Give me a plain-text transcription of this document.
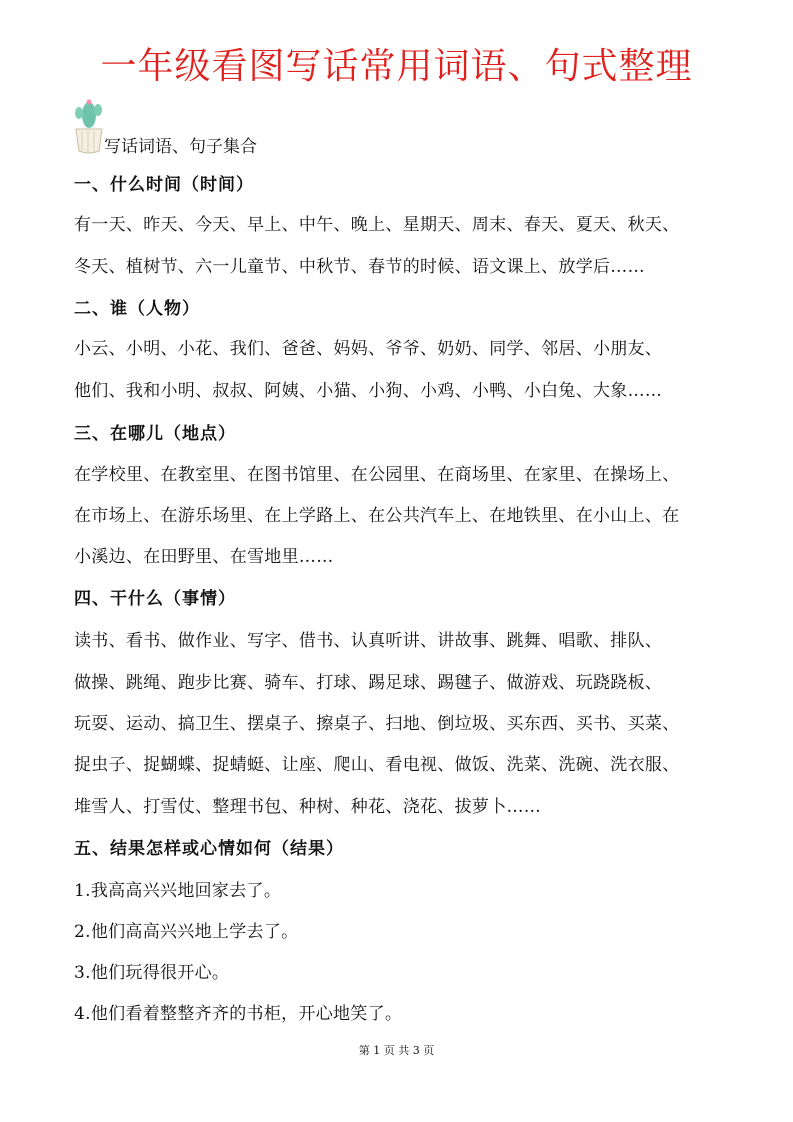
一年级看图写话常用词语、句式整理
写话词语、句子集合
一、什么时间（时间）
有一天、昨天、今天、早上、中午、晚上、星期天、周末、春天、夏天、秋天、
冬天、植树节、六一儿童节、中秋节、春节的时候、语文课上、放学后……
二、谁（人物）
小云、小明、小花、我们、爸爸、妈妈、爷爷、奶奶、同学、邻居、小朋友、
他们、我和小明、叔叔、阿姨、小猫、小狗、小鸡、小鸭、小白兔、大象……
三、在哪儿（地点）
在学校里、在教室里、在图书馆里、在公园里、在商场里、在家里、在操场上、
在市场上、在游乐场里、在上学路上、在公共汽车上、在地铁里、在小山上、在
小溪边、在田野里、在雪地里……
四、干什么（事情）
读书、看书、做作业、写字、借书、认真听讲、讲故事、跳舞、唱歌、排队、
做操、跳绳、跑步比赛、骑车、打球、踢足球、踢毽子、做游戏、玩跷跷板、
玩耍、运动、搞卫生、摆桌子、擦桌子、扫地、倒垃圾、买东西、买书、买菜、
捉虫子、捉蝴蝶、捉蜻蜓、让座、爬山、看电视、做饭、洗菜、洗碗、洗衣服、
堆雪人、打雪仗、整理书包、种树、种花、浇花、拔萝卜……
五、结果怎样或心情如何（结果）
1.我高高兴兴地回家去了。
2.他们高高兴兴地上学去了。
3.他们玩得很开心。
4.他们看着整整齐齐的书柜，开心地笑了。
第 1 页 共 3 页
